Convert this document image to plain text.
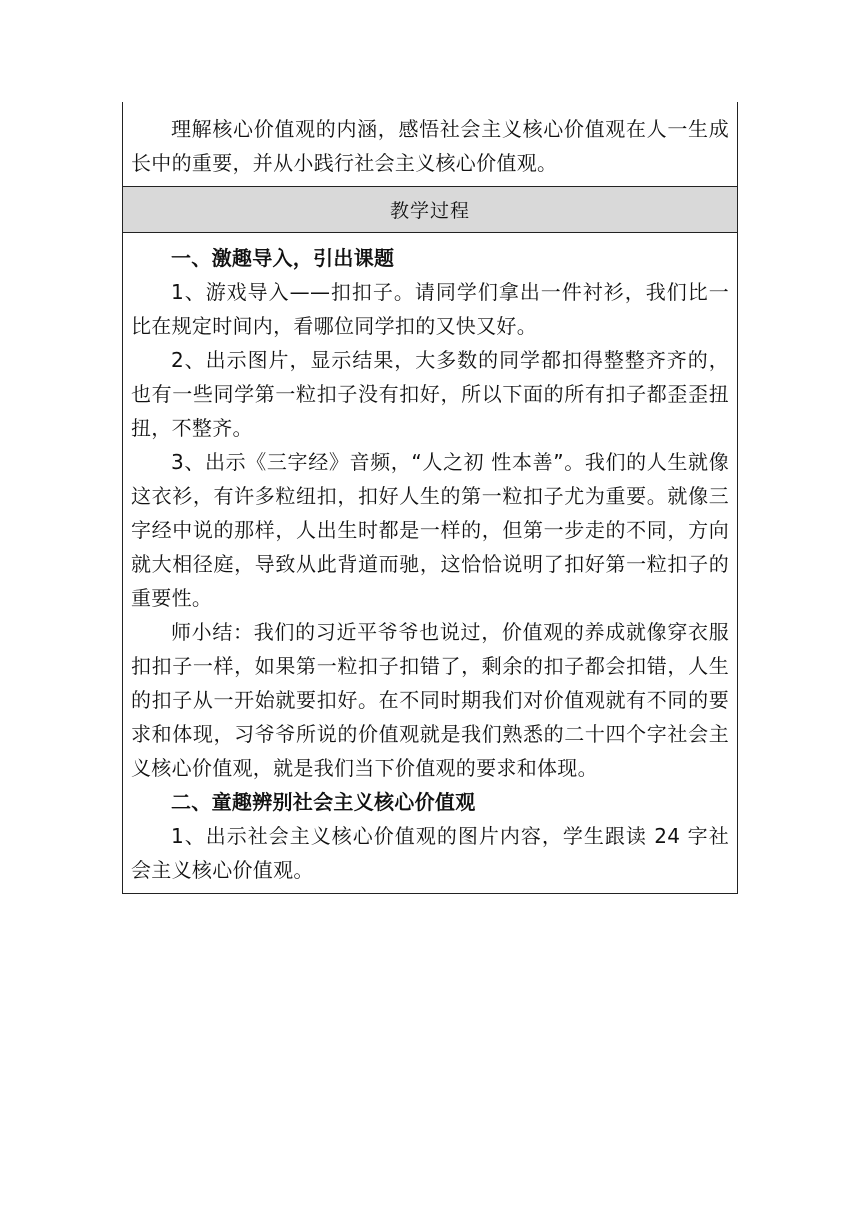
理解核心价值观的内涵，感悟社会主义核心价值观在人一生成长中的重要，并从小践行社会主义核心价值观。

教学过程

一、激趣导入，引出课题

1、游戏导入——扣扣子。请同学们拿出一件衬衫，我们比一比在规定时间内，看哪位同学扣的又快又好。

2、出示图片，显示结果，大多数的同学都扣得整整齐齐的，也有一些同学第一粒扣子没有扣好，所以下面的所有扣子都歪歪扭扭，不整齐。

3、出示《三字经》音频，“人之初 性本善”。我们的人生就像这衣衫，有许多粒纽扣，扣好人生的第一粒扣子尤为重要。就像三字经中说的那样，人出生时都是一样的，但第一步走的不同，方向就大相径庭，导致从此背道而驰，这恰恰说明了扣好第一粒扣子的重要性。

师小结：我们的习近平爷爷也说过，价值观的养成就像穿衣服扣扣子一样，如果第一粒扣子扣错了，剩余的扣子都会扣错，人生的扣子从一开始就要扣好。在不同时期我们对价值观就有不同的要求和体现，习爷爷所说的价值观就是我们熟悉的二十四个字社会主义核心价值观，就是我们当下价值观的要求和体现。

二、童趣辨别社会主义核心价值观

1、出示社会主义核心价值观的图片内容，学生跟读 24 字社会主义核心价值观。
